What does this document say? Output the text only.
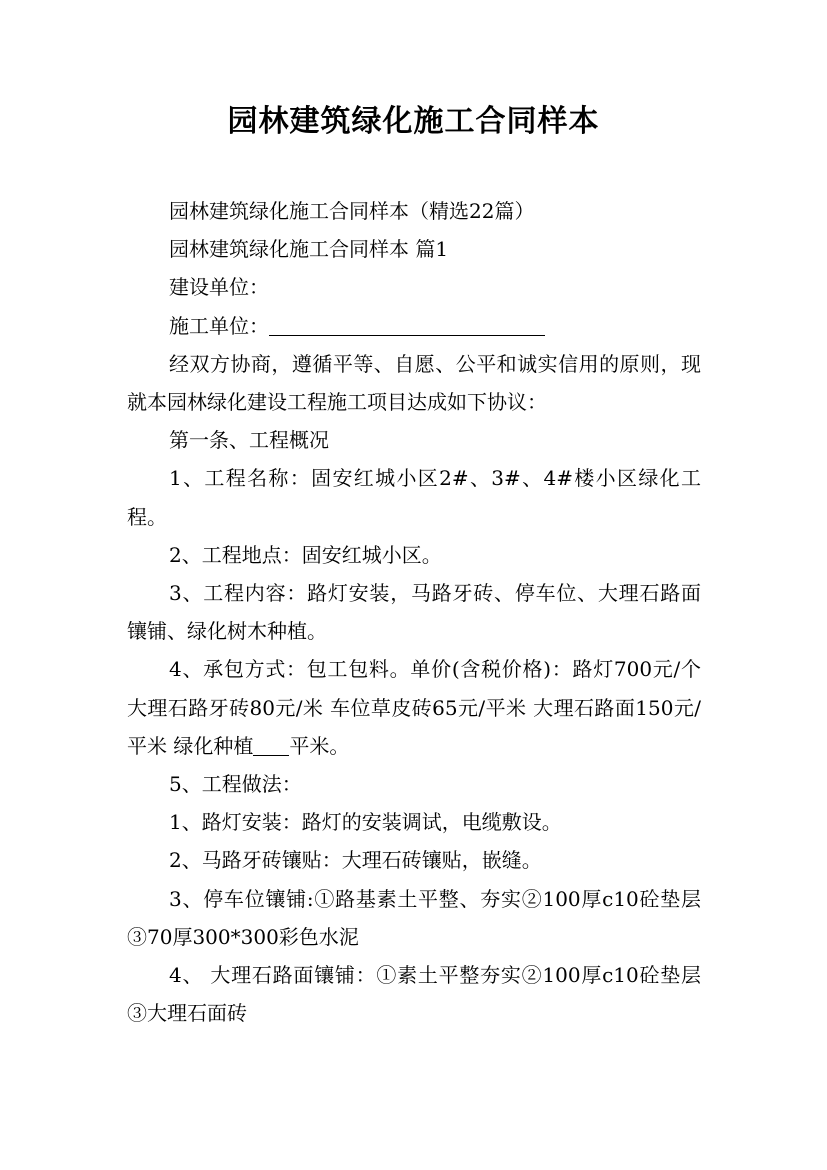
园林建筑绿化施工合同样本

园林建筑绿化施工合同样本（精选22篇）

园林建筑绿化施工合同样本 篇1

建设单位：

施工单位：

经双方协商，遵循平等、自愿、公平和诚实信用的原则，现就本园林绿化建设工程施工项目达成如下协议：

第一条、工程概况

1、工程名称：固安红城小区2#、3#、4#楼小区绿化工程。

2、工程地点：固安红城小区。

3、工程内容：路灯安装，马路牙砖、停车位、大理石路面镶铺、绿化树木种植。

4、承包方式：包工包料。单价(含税价格)：路灯700元/个 大理石路牙砖80元/米 车位草皮砖65元/平米 大理石路面150元/平米 绿化种植 平米。

5、工程做法：

1、路灯安装：路灯的安装调试，电缆敷设。

2、马路牙砖镶贴：大理石砖镶贴，嵌缝。

3、停车位镶铺:①路基素土平整、夯实②100厚c10砼垫层③70厚300*300彩色水泥

4、 大理石路面镶铺：①素土平整夯实②100厚c10砼垫层③大理石面砖
